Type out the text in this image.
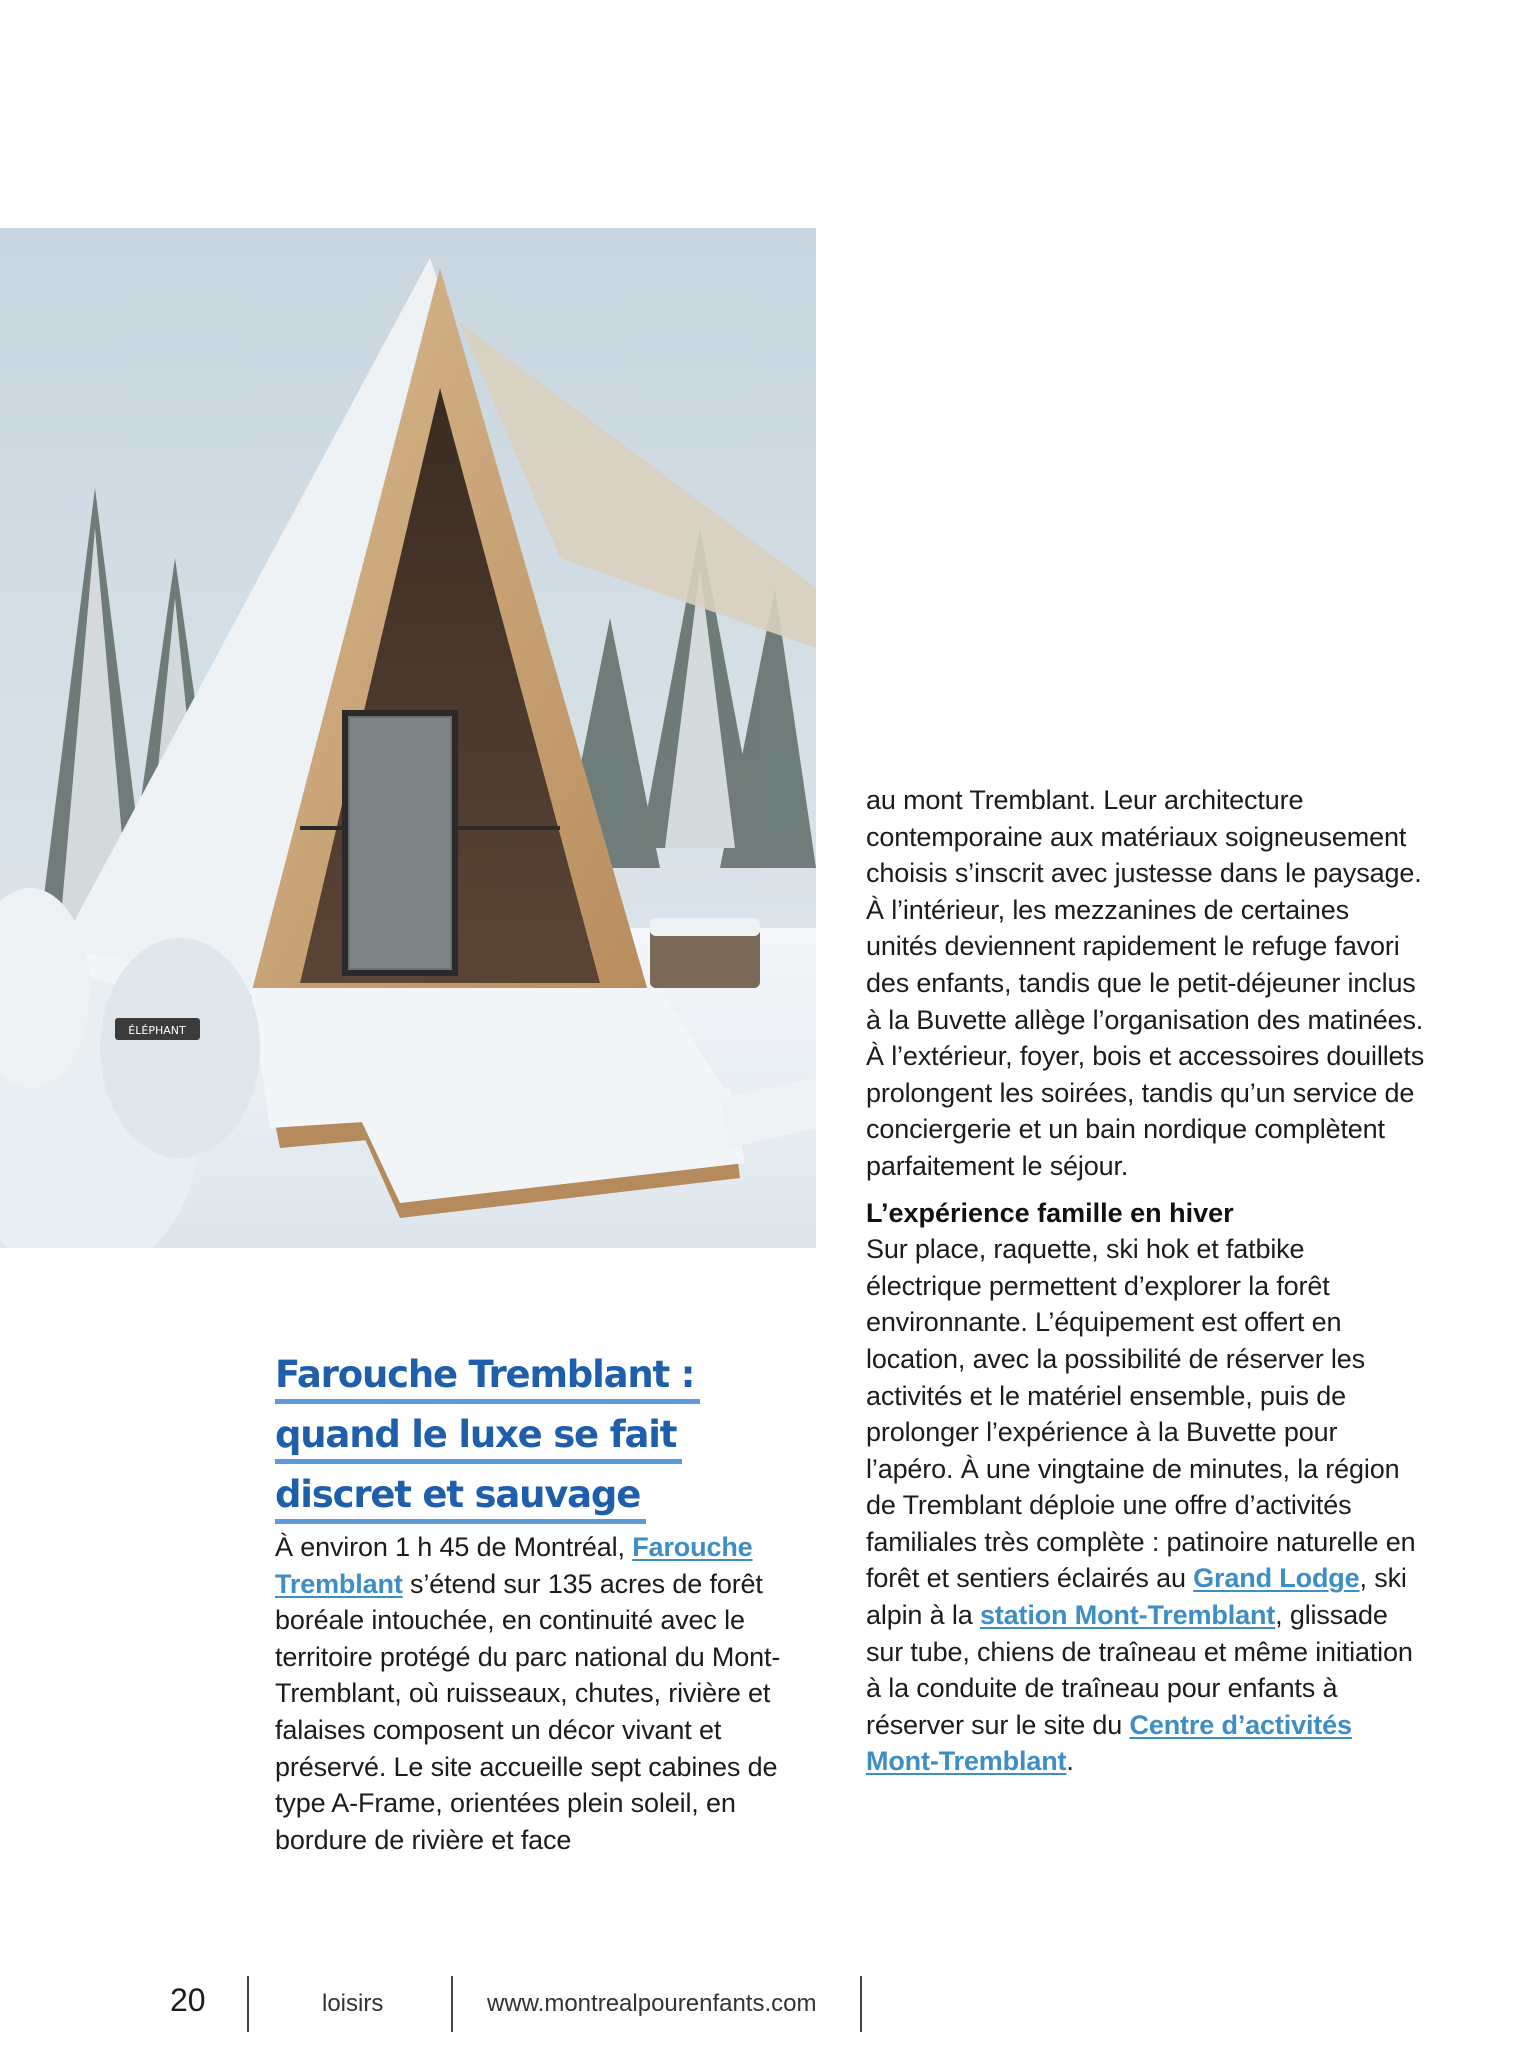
ÉLÉPHANT
Farouche Tremblant :
quand le luxe se fait
discret et sauvage

À environ 1 h 45 de Montréal, Farouche Tremblant s’étend sur 135 acres de forêt boréale intouchée, en continuité avec le territoire protégé du parc national du Mont-Tremblant, où ruisseaux, chutes, rivière et falaises composent un décor vivant et préservé. Le site accueille sept cabines de type A-Frame, orientées plein soleil, en bordure de rivière et face

au mont Tremblant. Leur architecture contemporaine aux matériaux soigneusement choisis s’inscrit avec justesse dans le paysage. À l’intérieur, les mezzanines de certaines unités deviennent rapidement le refuge favori des enfants, tandis que le petit-déjeuner inclus à la Buvette allège l’organisation des matinées. À l’extérieur, foyer, bois et accessoires douillets prolongent les soirées, tandis qu’un service de conciergerie et un bain nordique complètent parfaitement le séjour.

L’expérience famille en hiver

Sur place, raquette, ski hok et fatbike électrique permettent d’explorer la forêt environnante. L’équipement est offert en location, avec la possibilité de réserver les activités et le matériel ensemble, puis de prolonger l’expérience à la Buvette pour l’apéro. À une vingtaine de minutes, la région de Tremblant déploie une offre d’activités familiales très complète : patinoire naturelle en forêt et sentiers éclairés au Grand Lodge, ski alpin à la station Mont-Tremblant, glissade sur tube, chiens de traîneau et même initiation à la conduite de traîneau pour enfants à réserver sur le site du Centre d’activités Mont-Tremblant.

20	loisirs	www.montrealpourenfants.com
